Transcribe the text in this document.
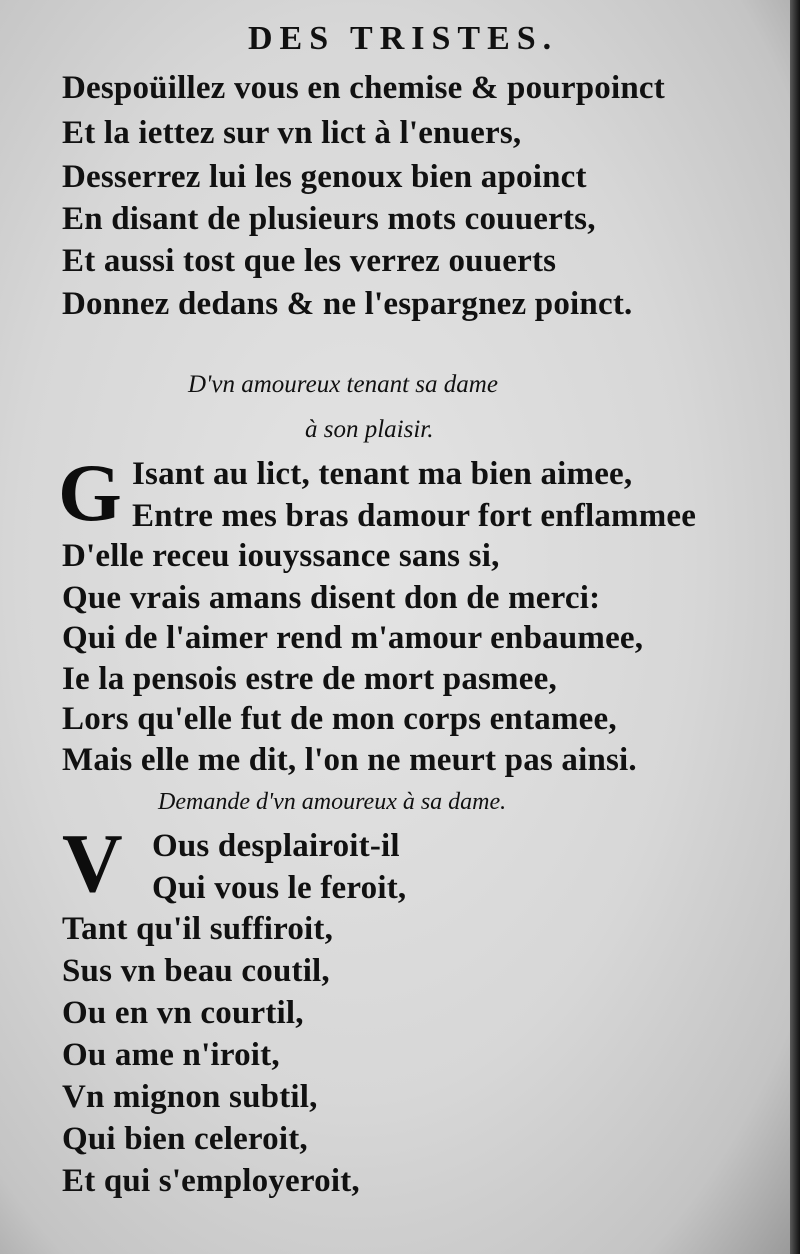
DES TRISTES.
Despoüillez vous en chemise & pourpoinct
Et la iettez sur vn lict à l'enuers,
Desserrez lui les genoux bien apoinct
En disant de plusieurs mots couuerts,
Et aussi tost que les verrez ouuerts
Donnez dedans & ne l'espargnez poinct.
D'vn amoureux tenant sa dame
à son plaisir.
G Isant au lict, tenant ma bien aimee,
Entre mes bras damour fort enflammee
D'elle receu iouyssance sans si,
Que vrais amans disent don de merci:
Qui de l'aimer rend m'amour enbaumee,
Ie la pensois estre de mort pasmee,
Lors qu'elle fut de mon corps entamee,
Mais elle me dit, l'on ne meurt pas ainsi.
Demande d'vn amoureux à sa dame.
V Ous desplairoit-il
Qui vous le feroit,
Tant qu'il suffiroit,
Sus vn beau coutil,
Ou en vn courtil,
Ou ame n'iroit,
Vn mignon subtil,
Qui bien celeroit,
Et qui s'employeroit,
